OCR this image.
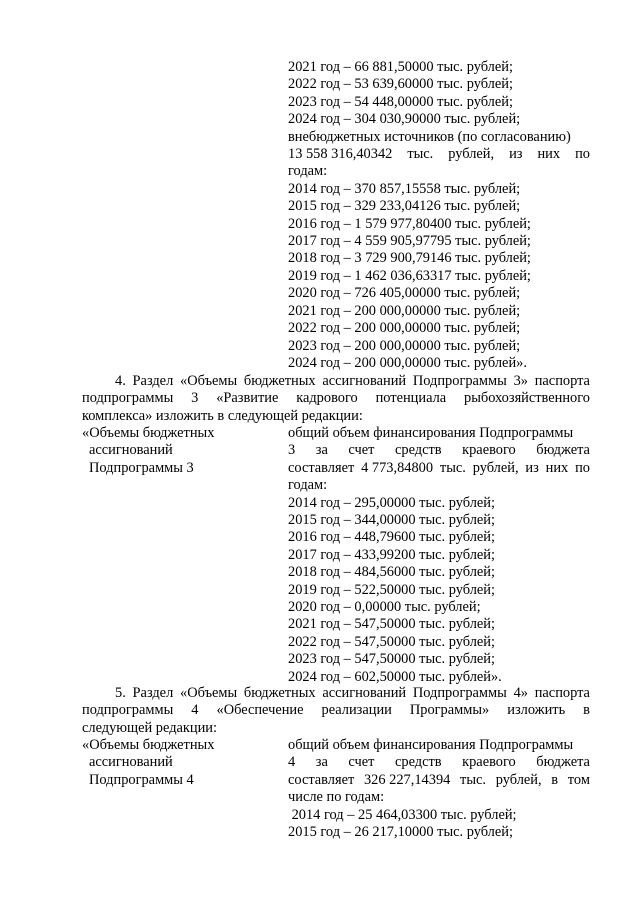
2021 год – 66 881,50000 тыс. рублей;
2022 год – 53 639,60000 тыс. рублей;
2023 год – 54 448,00000 тыс. рублей;
2024 год – 304 030,90000 тыс. рублей;
внебюджетных источников (по согласованию)
13 558 316,40342 тыс. рублей, из них по
годам:
2014 год – 370 857,15558 тыс. рублей;
2015 год – 329 233,04126 тыс. рублей;
2016 год – 1 579 977,80400 тыс. рублей;
2017 год – 4 559 905,97795 тыс. рублей;
2018 год – 3 729 900,79146 тыс. рублей;
2019 год – 1 462 036,63317 тыс. рублей;
2020 год – 726 405,00000 тыс. рублей;
2021 год – 200 000,00000 тыс. рублей;
2022 год – 200 000,00000 тыс. рублей;
2023 год – 200 000,00000 тыс. рублей;
2024 год – 200 000,00000 тыс. рублей».
4. Раздел «Объемы бюджетных ассигнований Подпрограммы 3» паспорта
подпрограммы 3 «Развитие кадрового потенциала рыбохозяйственного
комплекса» изложить в следующей редакции:
«Объемы бюджетных
ассигнований
Подпрограммы 3
общий объем финансирования Подпрограммы
3 за счет средств краевого бюджета
составляет 4 773,84800 тыс. рублей, из них по
годам:
2014 год – 295,00000 тыс. рублей;
2015 год – 344,00000 тыс. рублей;
2016 год – 448,79600 тыс. рублей;
2017 год – 433,99200 тыс. рублей;
2018 год – 484,56000 тыс. рублей;
2019 год – 522,50000 тыс. рублей;
2020 год – 0,00000 тыс. рублей;
2021 год – 547,50000 тыс. рублей;
2022 год – 547,50000 тыс. рублей;
2023 год – 547,50000 тыс. рублей;
2024 год – 602,50000 тыс. рублей».
5. Раздел «Объемы бюджетных ассигнований Подпрограммы 4» паспорта
подпрограммы 4 «Обеспечение реализации Программы» изложить в
следующей редакции:
«Объемы бюджетных
ассигнований
Подпрограммы 4
общий объем финансирования Подпрограммы
4 за счет средств краевого бюджета
составляет 326 227,14394 тыс. рублей, в том
числе по годам:
2014 год – 25 464,03300 тыс. рублей;
2015 год – 26 217,10000 тыс. рублей;
